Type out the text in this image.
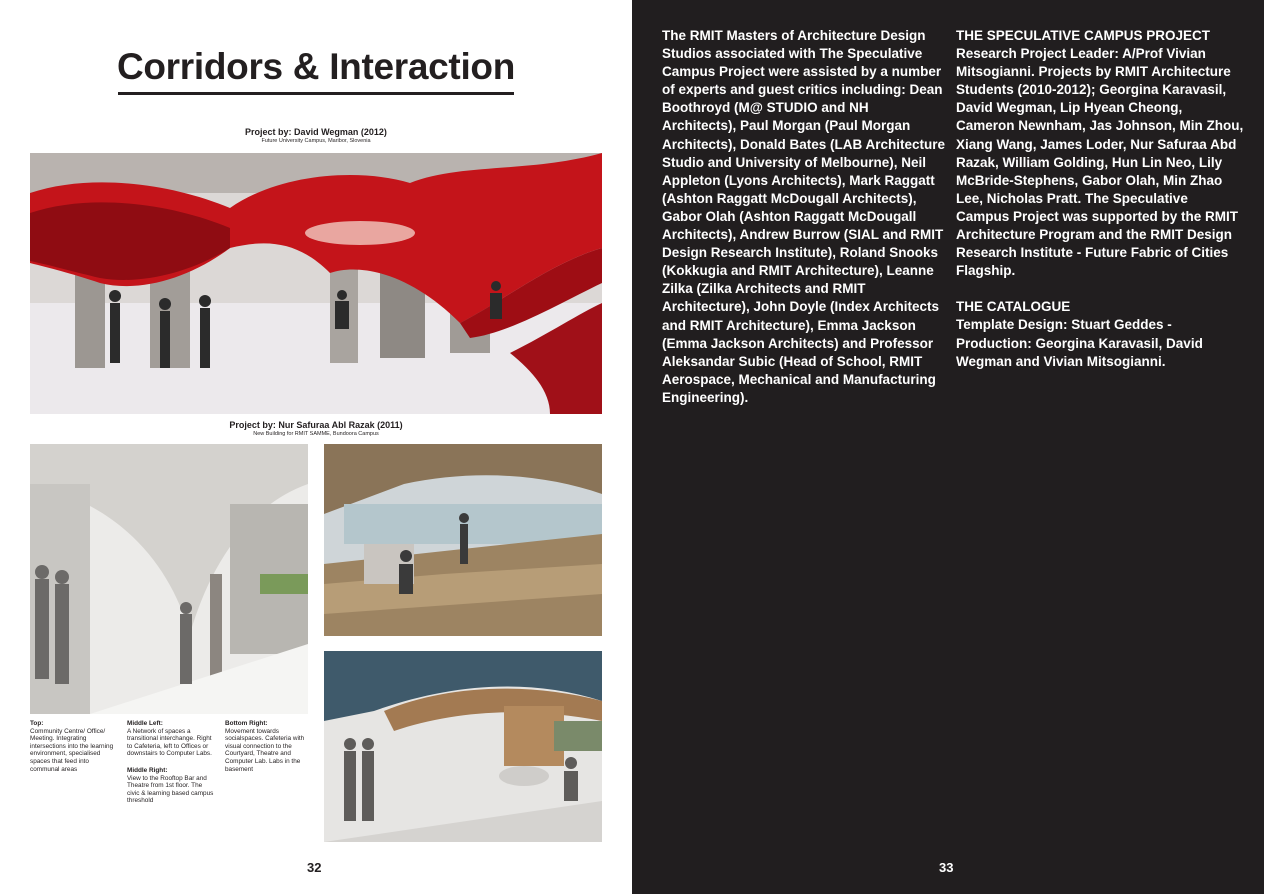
Corridors & Interaction
Project by: David Wegman (2012)
Future University Campus, Maribor, Slovenia
Project by: Nur Safuraa Abl Razak (2011)
New Building for RMIT SAMME, Bundoora Campus
Top:
Community Centre/ Office/ Meeting. Integrating intersections into the learning environment, specialised spaces that feed into communal areas

Middle Left:
A Network of spaces a transitional interchange. Right to Cafeteria, left to Offices or downstairs to Computer Labs.

Middle Right:
View to the Rooftop Bar and Theatre from 1st floor. The civic & learning based campus threshold

Bottom Right:
Movement towards socialspaces. Cafeteria with visual connection to the Courtyard, Theatre and Computer Lab. Labs in the basement
32

The RMIT Masters of Architecture Design Studios associated with The Speculative Campus Project were assisted by a number of experts and guest critics including: Dean Boothroyd (M@ STUDIO and NH Architects), Paul Morgan (Paul Morgan Architects), Donald Bates (LAB Architecture Studio and University of Melbourne), Neil Appleton (Lyons Architects), Mark Raggatt (Ashton Raggatt McDougall Architects), Gabor Olah (Ashton Raggatt McDougall Architects), Andrew Burrow (SIAL and RMIT Design Research Institute), Roland Snooks (Kokkugia and RMIT Architecture), Leanne Zilka (Zilka Architects and RMIT Architecture), John Doyle (Index Architects and RMIT Architecture), Emma Jackson (Emma Jackson Architects) and Professor Aleksandar Subic (Head of School, RMIT Aerospace, Mechanical and Manufacturing Engineering).

THE SPECULATIVE CAMPUS PROJECT
Research Project Leader: A/Prof Vivian Mitsogianni. Projects by RMIT Architecture Students (2010-2012); Georgina Karavasil, David Wegman, Lip Hyean Cheong, Cameron Newnham, Jas Johnson, Min Zhou, Xiang Wang, James Loder, Nur Safuraa Abd Razak, William Golding, Hun Lin Neo, Lily McBride-Stephens, Gabor Olah, Min Zhao Lee, Nicholas Pratt. The Speculative Campus Project was supported by the RMIT Architecture Program and the RMIT Design Research Institute - Future Fabric of Cities Flagship.

THE CATALOGUE
Template Design: Stuart Geddes - Production: Georgina Karavasil, David Wegman and Vivian Mitsogianni.

33
